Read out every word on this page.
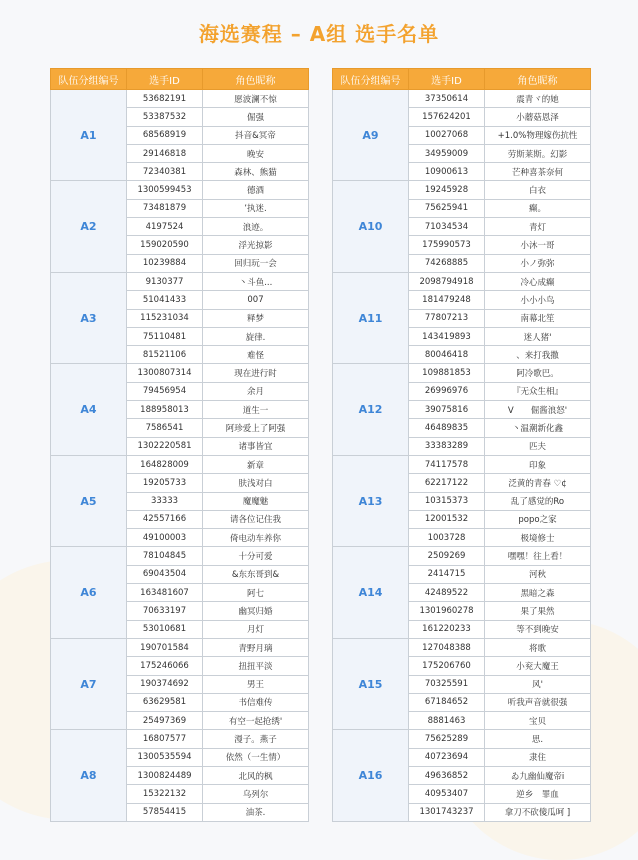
海选赛程 – A组 选手名单
队伍分组编号	选手ID	角色昵称
A1	53682191	愿波澜不惊
	53387532	倔强
	68568919	抖音&冥帝
	29146818	晚安
	72340381	森林、熊猫
A2	1300599453	德酒
	73481879	’执迷.
	4197524	浪迹。
	159020590	浮光掠影
	10239884	回归玩一会
A3	9130377	丶斗鱼...
	51041433	007
	115231034	释梦
	75110481	旋律.
	81521106	难怪
A4	1300807314	现在进行时
	79456954	余月
	188958013	道生一
	7586541	阿珍爱上了阿强
	1302220581	诸事皆宜
A5	164828009	新章
	19205733	肤浅对白
	33333	魔魔魅
	42557166	请各位记住我
	49100003	倚电动车养你
A6	78104845	十分可爱
	69043504	&东东哥到&
	163481607	阿七
	70633197	幽冥归婚
	53010681	月灯
A7	190701584	青野月璃
	175246066	扭扭平淡
	190374692	男王
	63629581	书信难传
	25497369	有空一起抢绣'
A8	16807577	漫子。燕子
	1300535594	依然（一生情）
	1300824489	北风的枫
	15322132	乌列尔
	57854415	油茶.
队伍分组编号	选手ID	角色昵称
A9	37350614	震青ヾ的她
	157624201	小蘑菇恩泽
	10027068	+1.0%物理嫁伤抗性
	34959009	劳斯莱斯。幻影
	10900613	芒种喜茶奈何
A10	19245928	白衣
	75625941	癫。
	71034534	青灯
	175990573	小沐一哥
	74268885	小ノ弥弥
A11	2098794918	冷心成癫
	181479248	小小小鸟
	77807213	南幕北笙
	143419893	迷人猪'
	80046418	、来打我撒
A12	109881853	阿冷歌巴。
	26996976	『无众生相』
	39075816	V　　倔酱浪怒'
	46489835	丶温潮新化鑫
	33383289	匹夫
A13	74117578	印象
	62217122	泛黄的青春 ♡¢
	10315373	乱了感觉的Ro
	12001532	popo之家
	1003728	极境修士
A14	2509269	嘿嘿！往上看！
	2414715	河秋
	42489522	黑暗之森
	1301960278	果了果然
	161220233	等不到晚安
A15	127048388	将歌
	175206760	小兖大魔王
	70325591	风'
	67184652	听我声音就很强
	8881463	宝贝
A16	75625289	思.
	40723694	隶住
	49636852	ゐ九幽仙魔帝i
	40953407	逆乡　罪血
	1301743237	拿刀不砍傻瓜呵 ]
